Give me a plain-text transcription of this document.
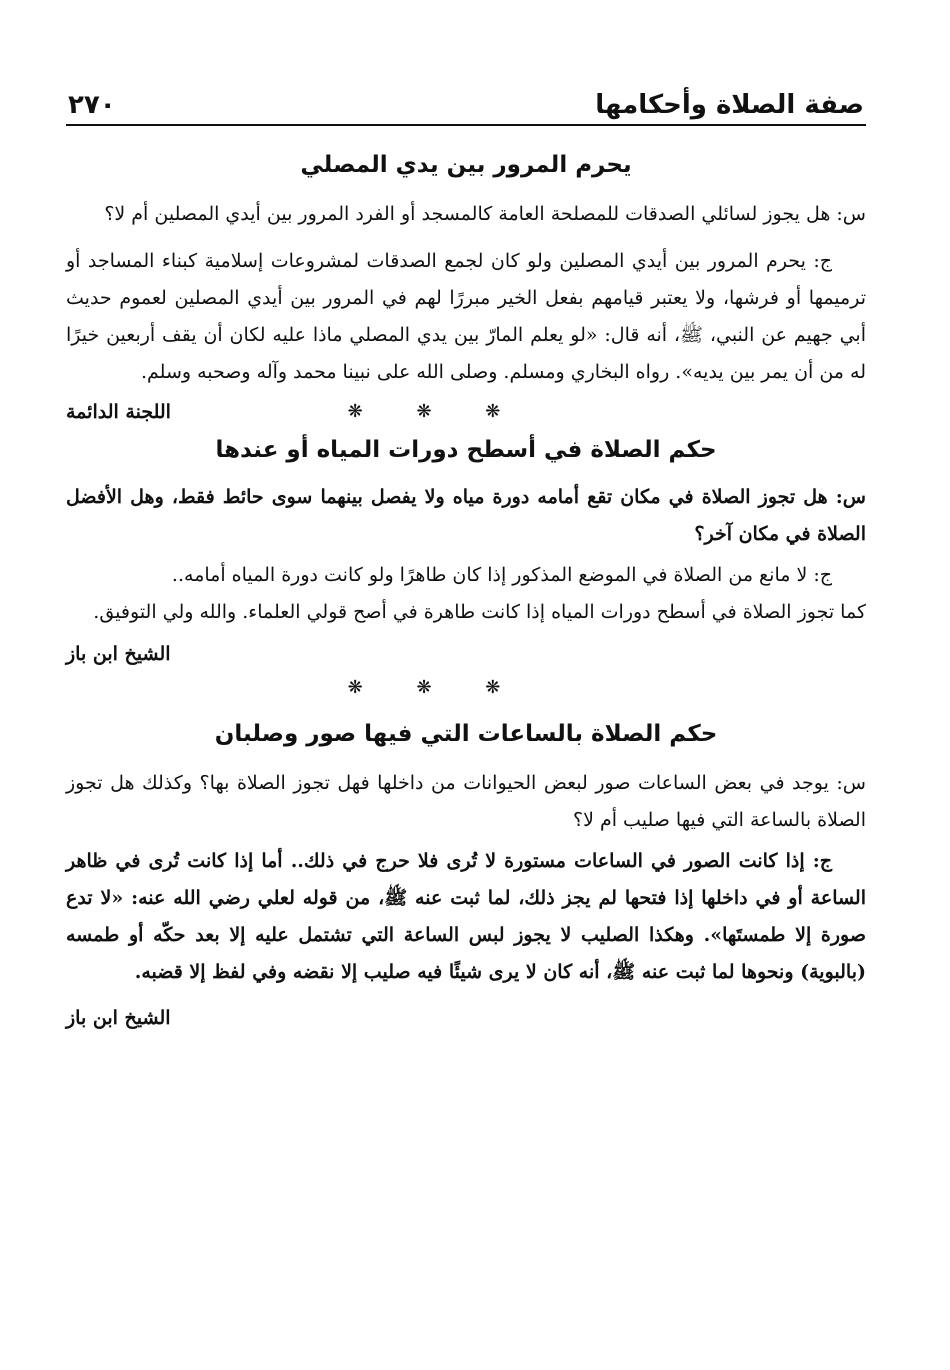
صفة الصلاة وأحكامها
٢٧٠
يحرم المرور بين يدي المصلي

س: هل يجوز لسائلي الصدقات للمصلحة العامة كالمسجد أو الفرد المرور بين أيدي المصلين أم لا؟

ج: يحرم المرور بين أيدي المصلين ولو كان لجمع الصدقات لمشروعات إسلامية كبناء المساجد أو ترميمها أو فرشها، ولا يعتبر قيامهم بفعل الخير مبررًا لهم في المرور بين أيدي المصلين لعموم حديث أبي جهيم عن النبي، ﷺ، أنه قال: «لو يعلم المارّ بين يدي المصلي ماذا عليه لكان أن يقف أربعين خيرًا له من أن يمر بين يديه». رواه البخاري ومسلم. وصلى الله على نبينا محمد وآله وصحبه وسلم.

❋ ❋ ❋
اللجنة الدائمة
حكم الصلاة في أسطح دورات المياه أو عندها

س: هل تجوز الصلاة في مكان تقع أمامه دورة مياه ولا يفصل بينهما سوى حائط فقط، وهل الأفضل الصلاة في مكان آخر؟

ج: لا مانع من الصلاة في الموضع المذكور إذا كان طاهرًا ولو كانت دورة المياه أمامه..

كما تجوز الصلاة في أسطح دورات المياه إذا كانت طاهرة في أصح قولي العلماء. والله ولي التوفيق.

الشيخ ابن باز
❋ ❋ ❋
حكم الصلاة بالساعات التي فيها صور وصلبان

س: يوجد في بعض الساعات صور لبعض الحيوانات من داخلها فهل تجوز الصلاة بها؟ وكذلك هل تجوز الصلاة بالساعة التي فيها صليب أم لا؟

ج: إذا كانت الصور في الساعات مستورة لا تُرى فلا حرج في ذلك.. أما إذا كانت تُرى في ظاهر الساعة أو في داخلها إذا فتحها لم يجز ذلك، لما ثبت عنه ﷺ، من قوله لعلي رضي الله عنه: «لا تدع صورة إلا طمستَها». وهكذا الصليب لا يجوز لبس الساعة التي تشتمل عليه إلا بعد حكّه أو طمسه (بالبوية) ونحوها لما ثبت عنه ﷺ، أنه كان لا يرى شيئًا فيه صليب إلا نقضه وفي لفظ إلا قضبه.

الشيخ ابن باز
